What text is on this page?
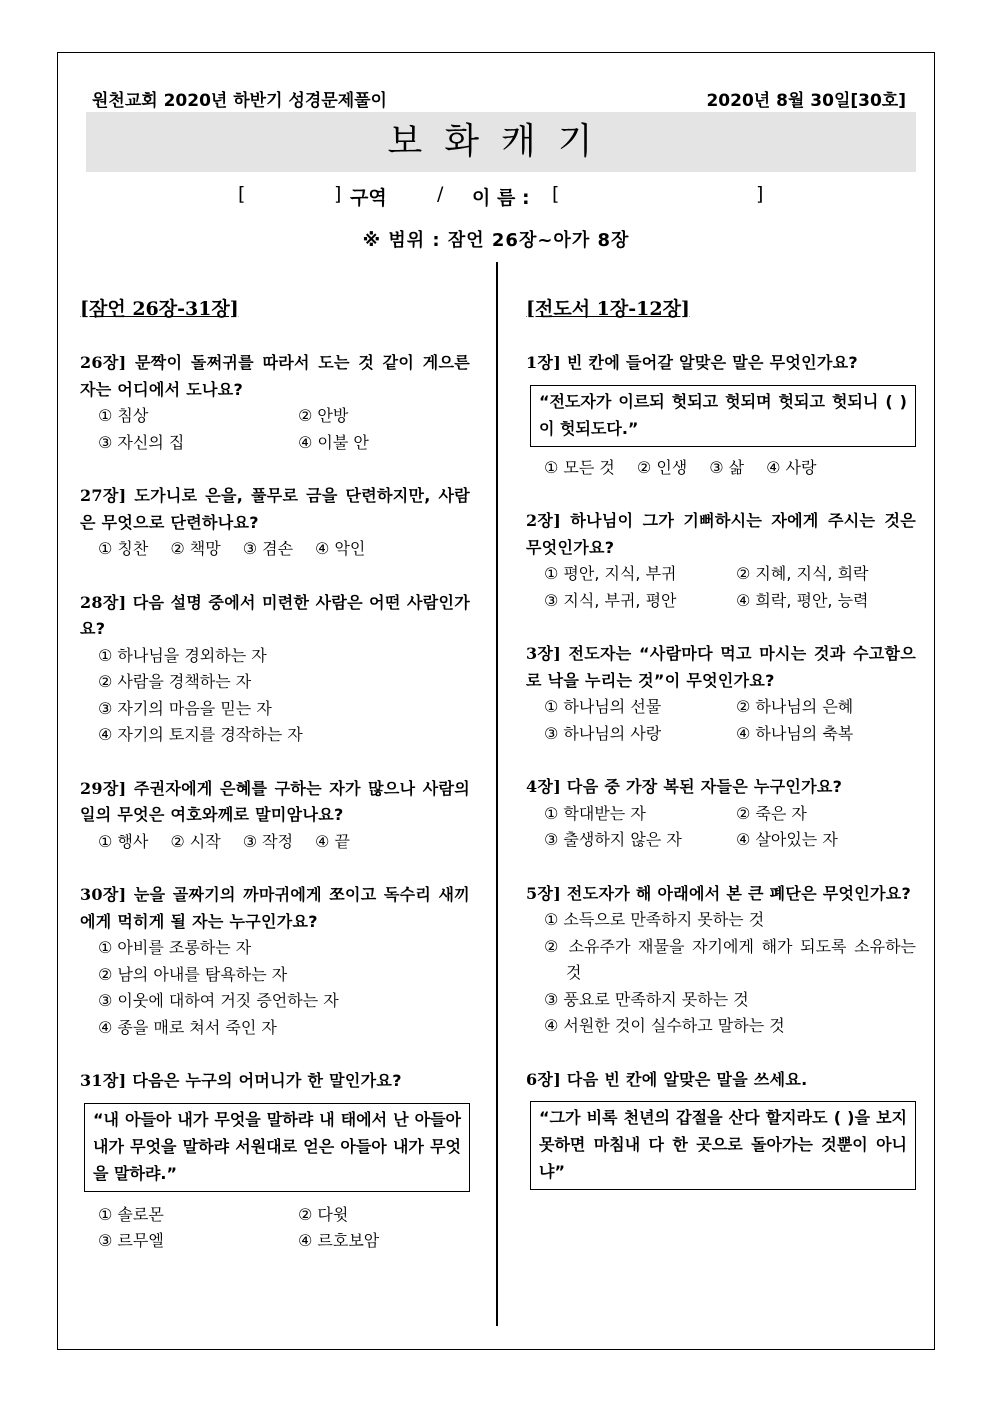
원천교회 2020년 하반기 성경문제풀이	2020년 8월 30일[30호]
보화캐기
[	] 구역	/ 이 름 : [	]
※ 범위 : 잠언 26장~아가 8장
[잠언 26장-31장]
26장] 문짝이 돌쩌귀를 따라서 도는 것 같이 게으른 자는 어디에서 도나요?
① 침상	② 안방
③ 자신의 집	④ 이불 안
27장] 도가니로 은을, 풀무로 금을 단련하지만, 사람은 무엇으로 단련하나요?
① 칭찬 ② 책망 ③ 겸손 ④ 악인
28장] 다음 설명 중에서 미련한 사람은 어떤 사람인가요?
① 하나님을 경외하는 자
② 사람을 경책하는 자
③ 자기의 마음을 믿는 자
④ 자기의 토지를 경작하는 자
29장] 주권자에게 은혜를 구하는 자가 많으나 사람의 일의 무엇은 여호와께로 말미암나요?
① 행사 ② 시작 ③ 작정 ④ 끝
30장] 눈을 골짜기의 까마귀에게 쪼이고 독수리 새끼에게 먹히게 될 자는 누구인가요?
① 아비를 조롱하는 자
② 남의 아내를 탐욕하는 자
③ 이웃에 대하여 거짓 증언하는 자
④ 종을 매로 쳐서 죽인 자
31장] 다음은 누구의 어머니가 한 말인가요?
“내 아들아 내가 무엇을 말하랴 내 태에서 난 아들아 내가 무엇을 말하랴 서원대로 얻은 아들아 내가 무엇을 말하랴.”
① 솔로몬	② 다윗
③ 르무엘	④ 르호보암
[전도서 1장-12장]
1장] 빈 칸에 들어갈 알맞은 말은 무엇인가요?
“전도자가 이르되 헛되고 헛되며 헛되고 헛되니 ( )이 헛되도다.”
① 모든 것 ② 인생 ③ 삶 ④ 사랑
2장] 하나님이 그가 기뻐하시는 자에게 주시는 것은 무엇인가요?
① 평안, 지식, 부귀	② 지혜, 지식, 희락
③ 지식, 부귀, 평안	④ 희락, 평안, 능력
3장] 전도자는 “사람마다 먹고 마시는 것과 수고함으로 낙을 누리는 것”이 무엇인가요?
① 하나님의 선물	② 하나님의 은혜
③ 하나님의 사랑	④ 하나님의 축복
4장] 다음 중 가장 복된 자들은 누구인가요?
① 학대받는 자	② 죽은 자
③ 출생하지 않은 자	④ 살아있는 자
5장] 전도자가 해 아래에서 본 큰 폐단은 무엇인가요?
① 소득으로 만족하지 못하는 것
② 소유주가 재물을 자기에게 해가 되도록 소유하는 것
③ 풍요로 만족하지 못하는 것
④ 서원한 것이 실수하고 말하는 것
6장] 다음 빈 칸에 알맞은 말을 쓰세요.
“그가 비록 천년의 갑절을 산다 할지라도 ( )을 보지 못하면 마침내 다 한 곳으로 돌아가는 것뿐이 아니냐”
